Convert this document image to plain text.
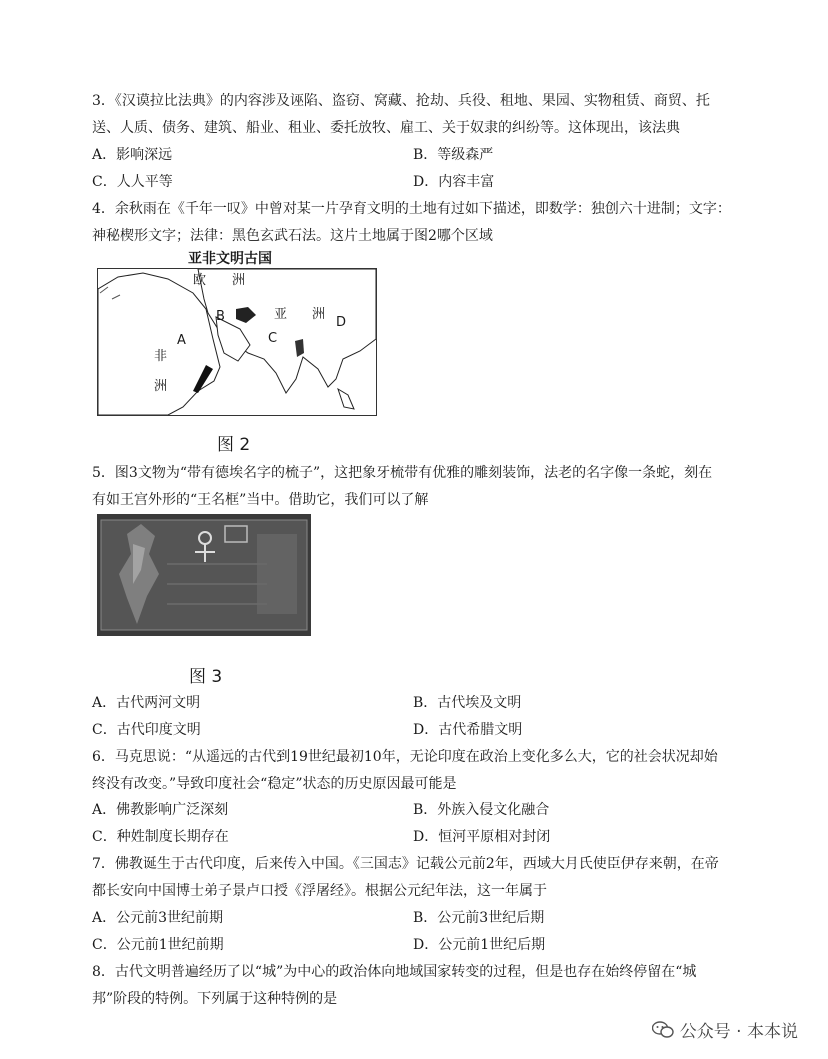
3．《汉谟拉比法典》的内容涉及诬陷、盗窃、窝藏、抢劫、兵役、租地、果园、实物租赁、商贸、托
送、人质、债务、建筑、船业、租业、委托放牧、雇工、关于奴隶的纠纷等。这体现出，该法典
A．影响深远	B．等级森严
C．人人平等	D．内容丰富
4．余秋雨在《千年一叹》中曾对某一片孕育文明的土地有过如下描述，即数学：独创六十进制；文字：
神秘楔形文字；法律：黑色玄武石法。这片土地属于图2哪个区域
亚非文明古国
欧 洲
亚 洲
非
洲
A
B
C
D
图 2
5．图3文物为“带有德埃名字的梳子”，这把象牙梳带有优雅的雕刻装饰，法老的名字像一条蛇，刻在
有如王宫外形的“王名框”当中。借助它，我们可以了解
图 3
A．古代两河文明	B．古代埃及文明
C．古代印度文明	D．古代希腊文明
6．马克思说：“从遥远的古代到19世纪最初10年，无论印度在政治上变化多么大，它的社会状况却始
终没有改变。”导致印度社会“稳定”状态的历史原因最可能是
A．佛教影响广泛深刻	B．外族入侵文化融合
C．种姓制度长期存在	D．恒河平原相对封闭
7．佛教诞生于古代印度，后来传入中国。《三国志》记载公元前2年，西域大月氏使臣伊存来朝，在帝
都长安向中国博士弟子景卢口授《浮屠经》。根据公元纪年法，这一年属于
A．公元前3世纪前期	B．公元前3世纪后期
C．公元前1世纪前期	D．公元前1世纪后期
8．古代文明普遍经历了以“城”为中心的政治体向地域国家转变的过程，但是也存在始终停留在“城
邦”阶段的特例。下列属于这种特例的是
公众号 · 本本说
